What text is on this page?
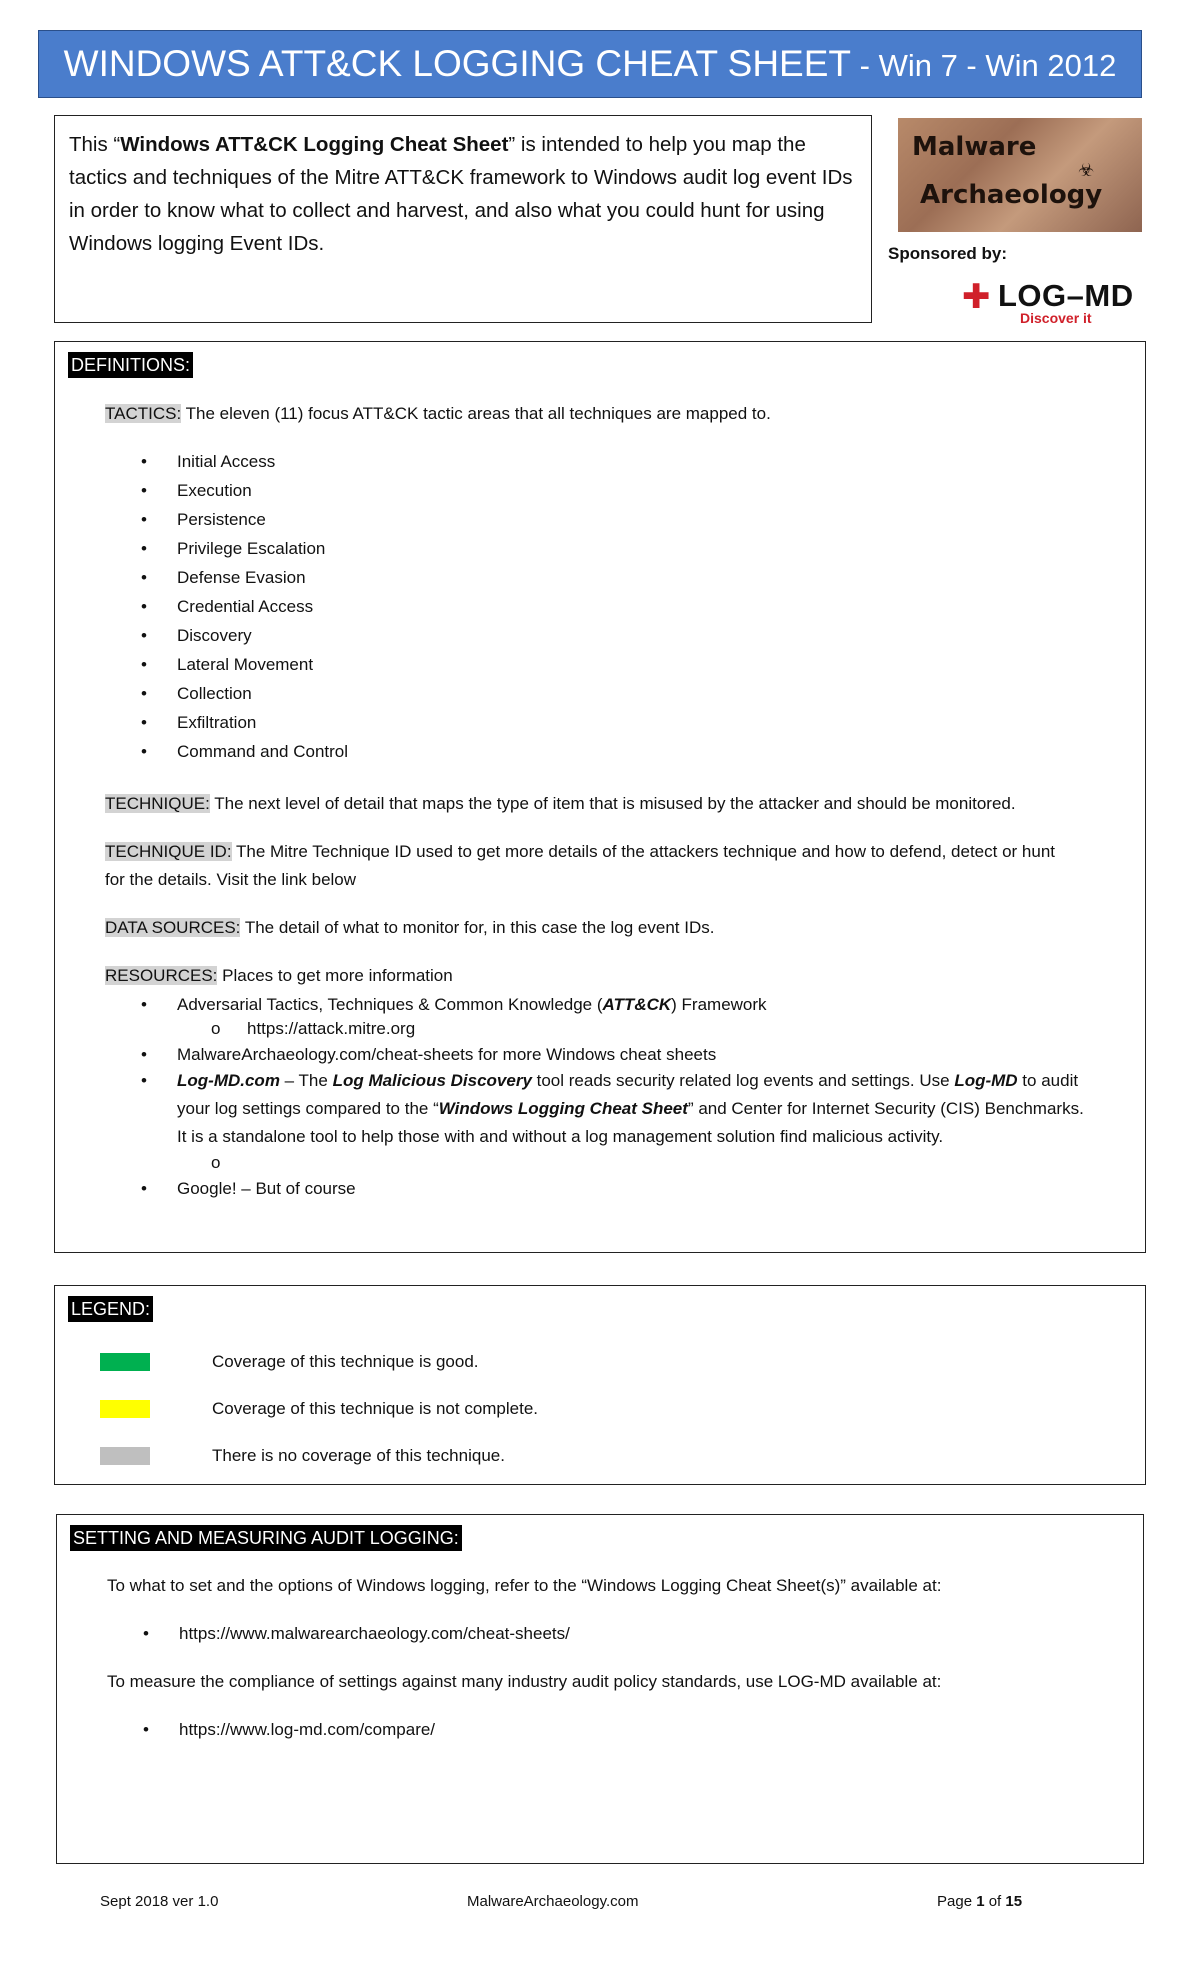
WINDOWS ATT&CK LOGGING CHEAT SHEET - Win 7 - Win 2012
This “Windows ATT&CK Logging Cheat Sheet” is intended to help you map the tactics and techniques of the Mitre ATT&CK framework to Windows audit log event IDs in order to know what to collect and harvest, and also what you could hunt for using Windows logging Event IDs.
Malware
☣
Archaeology
Sponsored by:
✚ LOG–MD
Discover it
DEFINITIONS:
TACTICS: The eleven (11) focus ATT&CK tactic areas that all techniques are mapped to.
• Initial Access
• Execution
• Persistence
• Privilege Escalation
• Defense Evasion
• Credential Access
• Discovery
• Lateral Movement
• Collection
• Exfiltration
• Command and Control
TECHNIQUE: The next level of detail that maps the type of item that is misused by the attacker and should be monitored.
TECHNIQUE ID: The Mitre Technique ID used to get more details of the attackers technique and how to defend, detect or hunt
for the details. Visit the link below
DATA SOURCES: The detail of what to monitor for, in this case the log event IDs.
RESOURCES: Places to get more information
• Adversarial Tactics, Techniques & Common Knowledge (ATT&CK) Framework
o https://attack.mitre.org
• MalwareArchaeology.com/cheat-sheets for more Windows cheat sheets
• Log-MD.com – The Log Malicious Discovery tool reads security related log events and settings. Use Log-MD to audit
your log settings compared to the “Windows Logging Cheat Sheet” and Center for Internet Security (CIS) Benchmarks.
It is a standalone tool to help those with and without a log management solution find malicious activity.
o
• Google! – But of course
LEGEND:
Coverage of this technique is good.
Coverage of this technique is not complete.
There is no coverage of this technique.
SETTING AND MEASURING AUDIT LOGGING:
To what to set and the options of Windows logging, refer to the “Windows Logging Cheat Sheet(s)” available at:
• https://www.malwarearchaeology.com/cheat-sheets/
To measure the compliance of settings against many industry audit policy standards, use LOG-MD available at:
• https://www.log-md.com/compare/
Sept 2018 ver 1.0	MalwareArchaeology.com	Page 1 of 15
